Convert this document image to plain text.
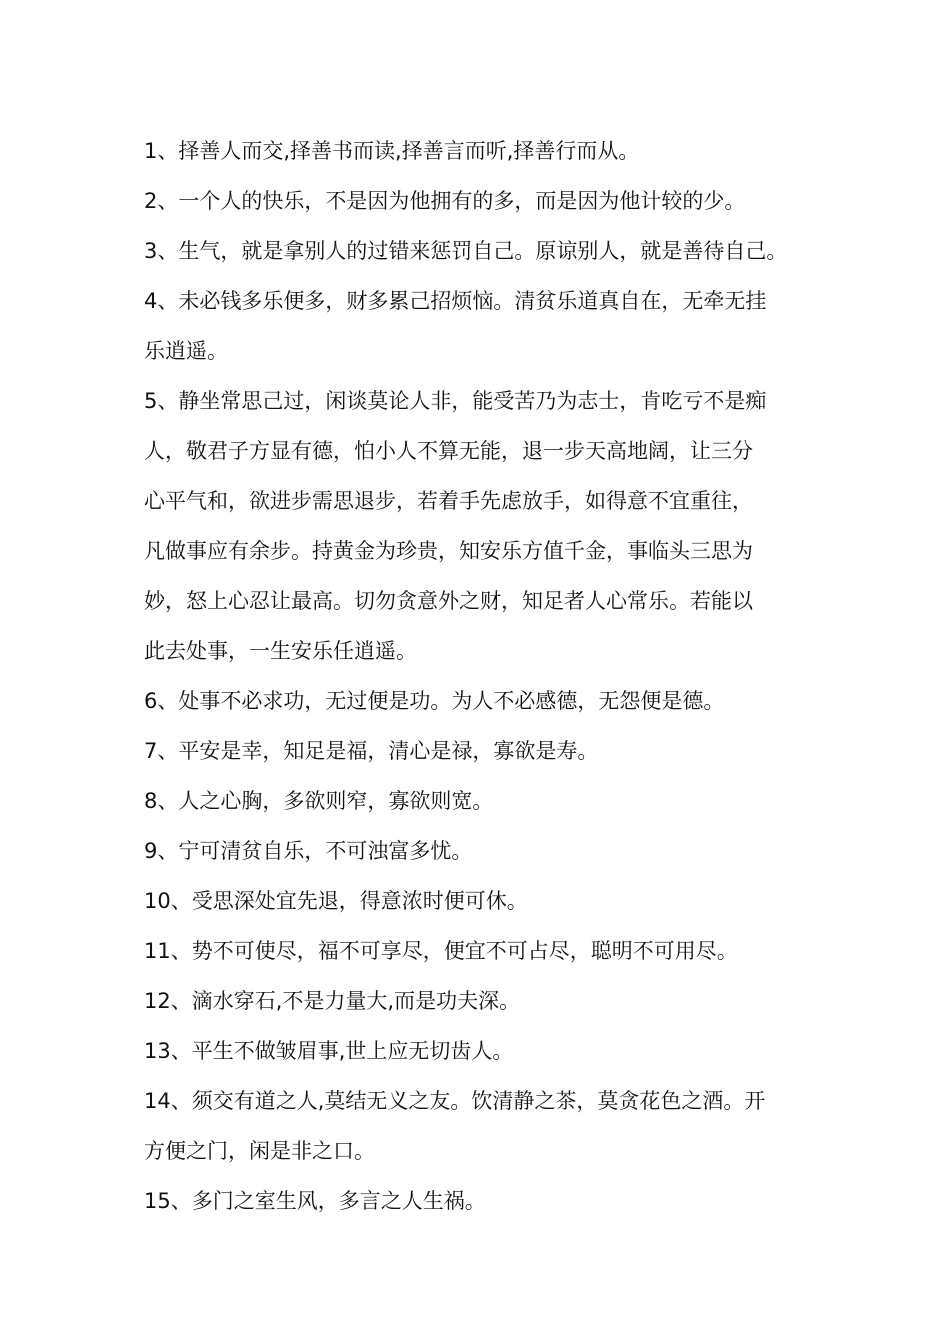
1、择善人而交,择善书而读,择善言而听,择善行而从。
2、一个人的快乐，不是因为他拥有的多，而是因为他计较的少。
3、生气，就是拿别人的过错来惩罚自己。原谅别人，就是善待自己。
4、未必钱多乐便多，财多累己招烦恼。清贫乐道真自在，无牵无挂
乐逍遥。
5、静坐常思己过，闲谈莫论人非，能受苦乃为志士，肯吃亏不是痴
人，敬君子方显有德，怕小人不算无能，退一步天高地阔，让三分
心平气和，欲进步需思退步，若着手先虑放手，如得意不宜重往，
凡做事应有余步。持黄金为珍贵，知安乐方值千金，事临头三思为
妙，怒上心忍让最高。切勿贪意外之财，知足者人心常乐。若能以
此去处事，一生安乐任逍遥。
6、处事不必求功，无过便是功。为人不必感德，无怨便是德。
7、平安是幸，知足是福，清心是禄，寡欲是寿。
8、人之心胸，多欲则窄，寡欲则宽。
9、宁可清贫自乐，不可浊富多忧。
10、受思深处宜先退，得意浓时便可休。
11、势不可使尽，福不可享尽，便宜不可占尽，聪明不可用尽。
12、滴水穿石,不是力量大,而是功夫深。
13、平生不做皱眉事,世上应无切齿人。
14、须交有道之人,莫结无义之友。饮清静之茶，莫贪花色之酒。开
方便之门，闲是非之口。
15、多门之室生风，多言之人生祸。
